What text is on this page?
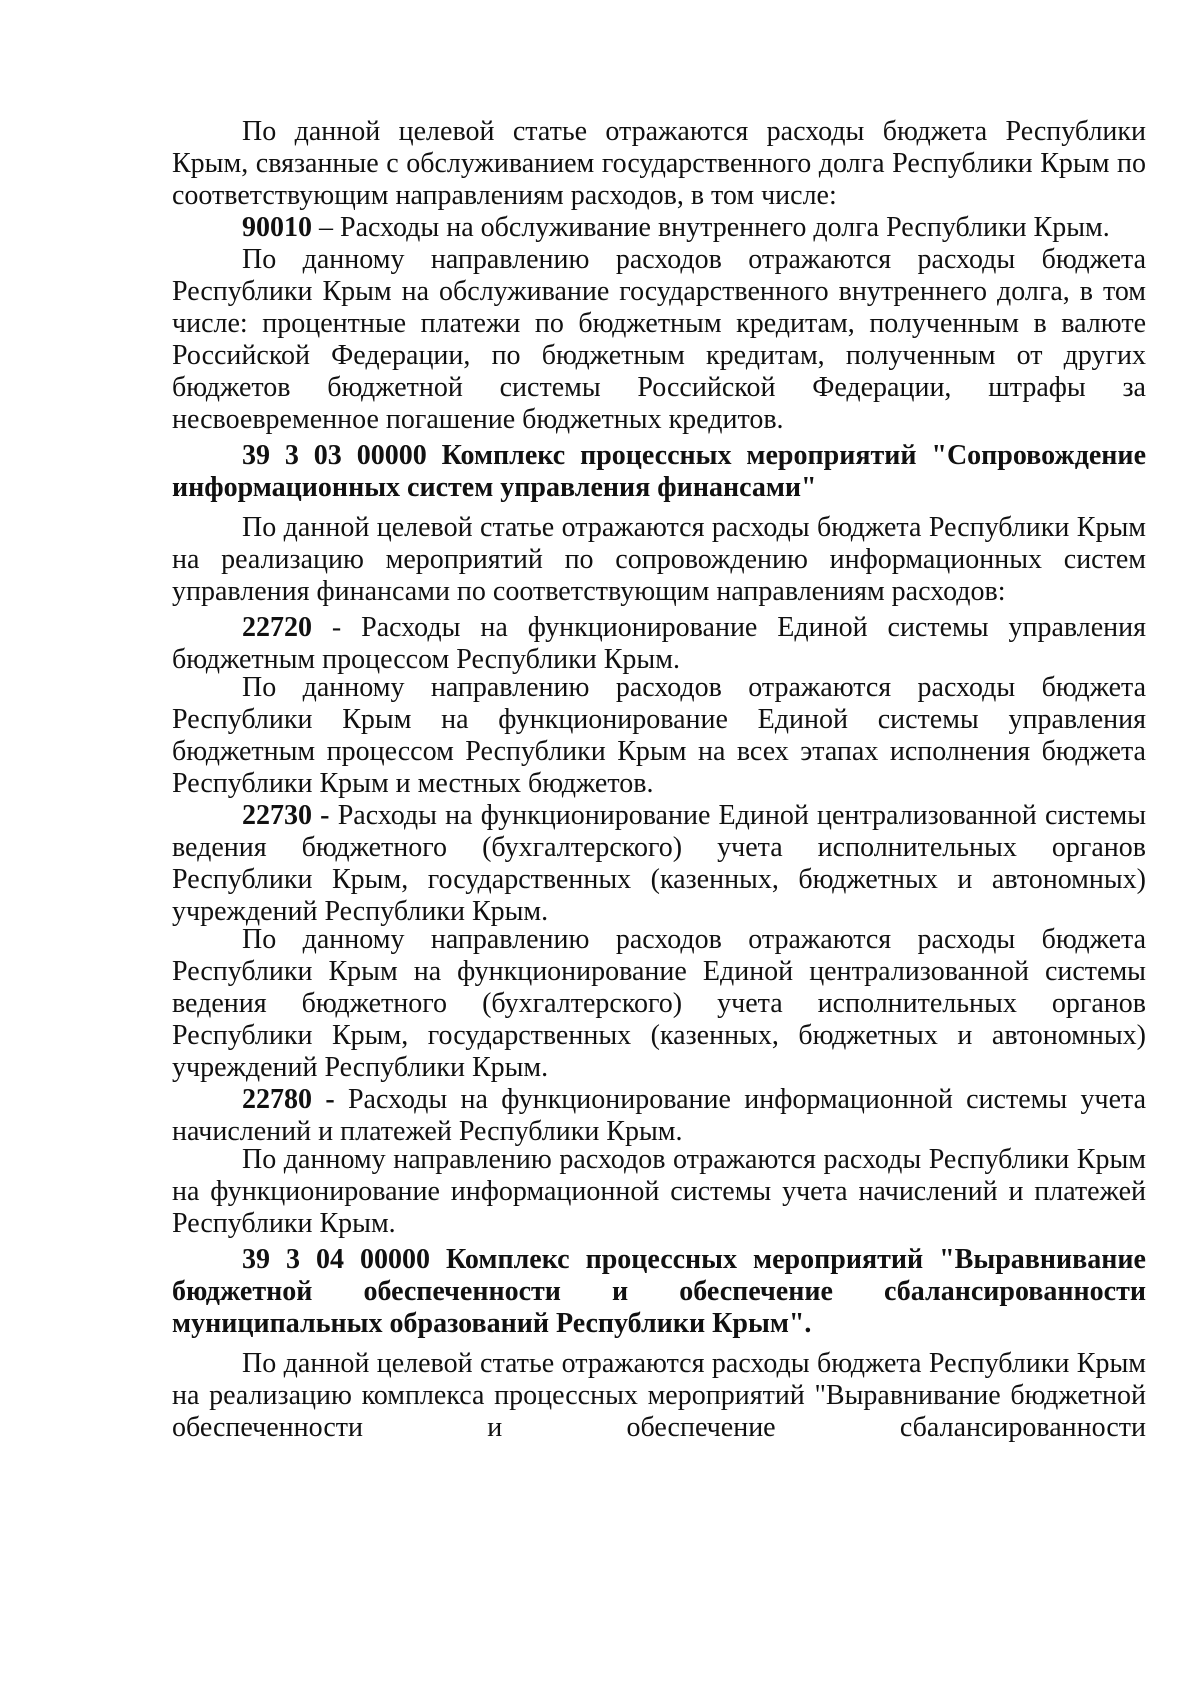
По данной целевой статье отражаются расходы бюджета Республики Крым, связанные с обслуживанием государственного долга Республики Крым по соответствующим направлениям расходов, в том числе:

90010 – Расходы на обслуживание внутреннего долга Республики Крым.

По данному направлению расходов отражаются расходы бюджета Республики Крым на обслуживание государственного внутреннего долга, в том числе: процентные платежи по бюджетным кредитам, полученным в валюте Российской Федерации, по бюджетным кредитам, полученным от других бюджетов бюджетной системы Российской Федерации, штрафы за несвоевременное погашение бюджетных кредитов.

39 3 03 00000 Комплекс процессных мероприятий "Сопровождение информационных систем управления финансами"

По данной целевой статье отражаются расходы бюджета Республики Крым на реализацию мероприятий по сопровождению информационных систем управления финансами по соответствующим направлениям расходов:

22720 - Расходы на функционирование Единой системы управления бюджетным процессом Республики Крым.

По данному направлению расходов отражаются расходы бюджета Республики Крым на функционирование Единой системы управления бюджетным процессом Республики Крым на всех этапах исполнения бюджета Республики Крым и местных бюджетов.

22730 - Расходы на функционирование Единой централизованной системы ведения бюджетного (бухгалтерского) учета исполнительных органов Республики Крым, государственных (казенных, бюджетных и автономных) учреждений Республики Крым.

По данному направлению расходов отражаются расходы бюджета Республики Крым на функционирование Единой централизованной системы ведения бюджетного (бухгалтерского) учета исполнительных органов Республики Крым, государственных (казенных, бюджетных и автономных) учреждений Республики Крым.

22780 - Расходы на функционирование информационной системы учета начислений и платежей Республики Крым.

По данному направлению расходов отражаются расходы Республики Крым на функционирование информационной системы учета начислений и платежей Республики Крым.

39 3 04 00000 Комплекс процессных мероприятий "Выравнивание бюджетной обеспеченности и обеспечение сбалансированности муниципальных образований Республики Крым".

По данной целевой статье отражаются расходы бюджета Республики Крым на реализацию комплекса процессных мероприятий "Выравнивание бюджетной обеспеченности и обеспечение сбалансированности
